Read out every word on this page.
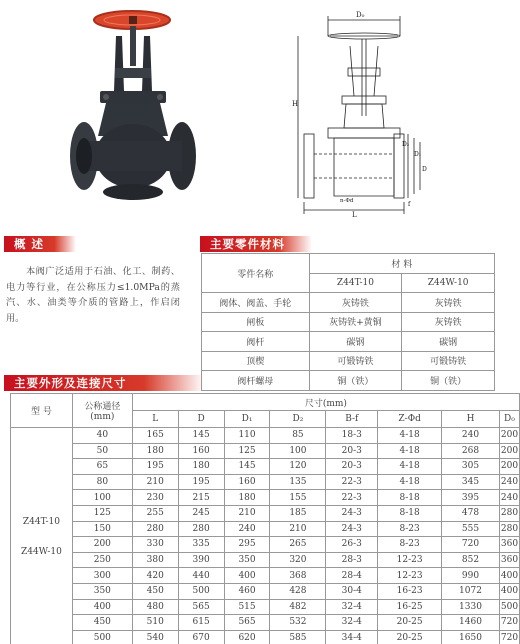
D₀
H
D
D₁
D₂
L
f
n-Φd
概 述	主要零件材料
主要外形及连接尺寸

本阀广泛适用于石油、化工、制药、电力等行业，在公称压力≤1.0MPa的蒸汽、水、油类等介质的管路上，作启闭用。

零件名称	材 料	
	Z44T-10	Z44W-10
阀体、阀盖、手轮	灰铸铁	灰铸铁
闸板	灰铸铁+黄铜	灰铸铁
阀杆	碳钢	碳钢
顶楔	可锻铸铁	可锻铸铁
阀杆螺母	铜（铁）	铜（铁）
型 号	公称通径
(mm)	尺寸(mm)							
		L	D	D₁	D₂	B-f	Z-Φd	H	D₀

Z44T-10
Z44W-10	40	165	145	110	85	18-3	4-18	240	200
	50	180	160	125	100	20-3	4-18	268	200
	65	195	180	145	120	20-3	4-18	305	200
	80	210	195	160	135	22-3	4-18	345	240
	100	230	215	180	155	22-3	8-18	395	240
	125	255	245	210	185	24-3	8-18	478	280
	150	280	280	240	210	24-3	8-23	555	280
	200	330	335	295	265	26-3	8-23	720	360
	250	380	390	350	320	28-3	12-23	852	360
	300	420	440	400	368	28-4	12-23	990	400
	350	450	500	460	428	30-4	16-23	1072	400
	400	480	565	515	482	32-4	16-25	1330	500
	450	510	615	565	532	32-4	20-25	1460	720
	500	540	670	620	585	34-4	20-25	1650	720
